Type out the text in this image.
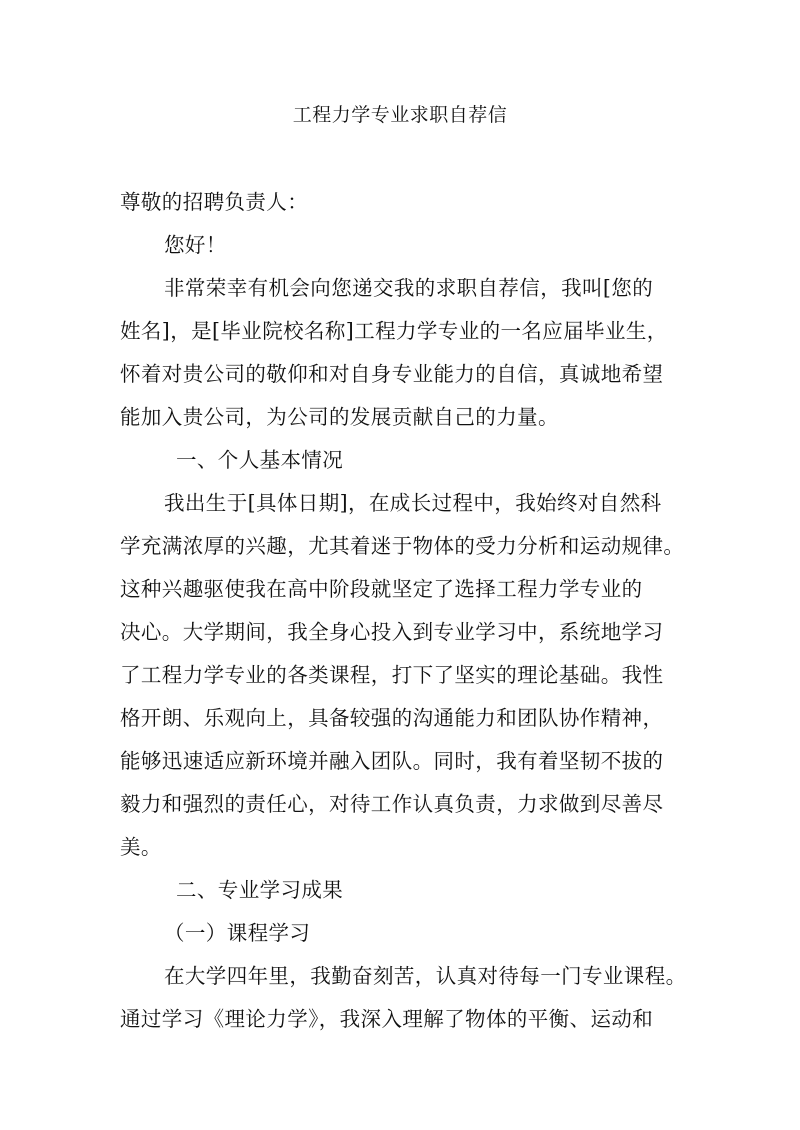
工程力学专业求职自荐信
尊敬的招聘负责人：
您好！
非常荣幸有机会向您递交我的求职自荐信，我叫[您的
姓名]，是[毕业院校名称]工程力学专业的一名应届毕业生，
怀着对贵公司的敬仰和对自身专业能力的自信，真诚地希望
能加入贵公司，为公司的发展贡献自己的力量。
一、个人基本情况
我出生于[具体日期]，在成长过程中，我始终对自然科
学充满浓厚的兴趣，尤其着迷于物体的受力分析和运动规律。
这种兴趣驱使我在高中阶段就坚定了选择工程力学专业的
决心。大学期间，我全身心投入到专业学习中，系统地学习
了工程力学专业的各类课程，打下了坚实的理论基础。我性
格开朗、乐观向上，具备较强的沟通能力和团队协作精神，
能够迅速适应新环境并融入团队。同时，我有着坚韧不拔的
毅力和强烈的责任心，对待工作认真负责，力求做到尽善尽
美。
二、专业学习成果
（一）课程学习
在大学四年里，我勤奋刻苦，认真对待每一门专业课程。
通过学习《理论力学》，我深入理解了物体的平衡、运动和
